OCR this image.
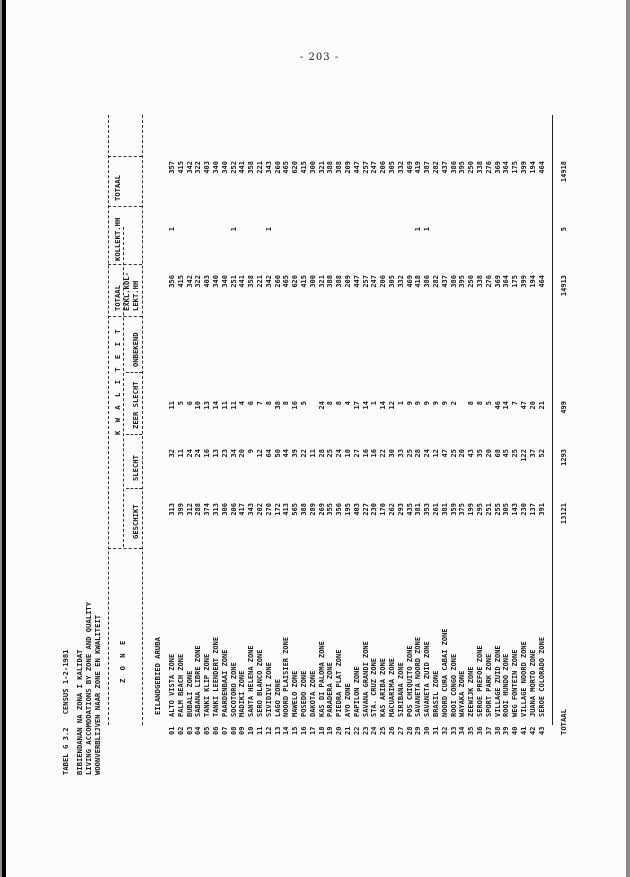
- 203 -
TABEL G 3.2   CENSUS 1-2-1981 BIBIENDANAN NA ZONA I KALIDAT LIVING ACCOMODATIONS BY ZONE AND QUALITY WOONVERBLIJVEN NAAR ZONE EN KWALITEIT Z O N E
K W A L I T E I T
GESCHIKT
SLECHT
ZEER SLECHT
ONBEKEND
TOTAAL EXKL.KOL- LEKT.HH
KOLLEKT.HH
TOTAAL
EILANDGEBIED ARUBA
01
ALTO VISTA ZONE
313
32
11
356
1
357
02
PALM BEACH ZONE
399
11
5
415
415
03
BUBALI ZONE
312
24
6
342
342
04
SABANA LIBRE ZONE
288
24
10
322
322
05
TANKI KLIP ZONE
374
16
13
403
403
06
TANKI LEENDERT ZONE
313
13
14
340
340
07
PAARDENBAAI ZONE
306
23
11
340
340
08
SOCOTORO ZONE
206
34
11
251
1
252
09
MADIKI ZONE
417
20
4
441
441
10
SANTA HELENA ZONE
343
9
6
358
358
11
SERO BLANCO ZONE
202
12
7
221
221
12
SIVIDIVI ZONE
270
64
8
342
1
343
13
LAGO ZONE
172
50
38
260
260
14
NOORD PLAISIER ZONE
413
44
8
465
465
15
MAWELO ZONE
565
39
16
620
620
16
POSEDO ZONE
388
22
5
415
415
17
DAKOTA ZONE
289
11
300
300
18
KAS DI PALOMA ZONE
269
28
24
321
321
19
PARADERA ZONE
355
25
8
388
388
20
PIEDRA PLAT ZONE
356
24
8
388
388
21
AYO ZONE
195
10
4
209
209
22
PAPILON ZONE
403
27
17
447
447
23
SAVANA GRANDI ZONE
227
16
14
257
257
24
STA. CRUZ ZONE
230
16
1
247
247
25
KAS ARIBA ZONE
170
22
14
206
206
26
MACUARIMA ZONE
262
30
12
305
305
27
SIRIBANA ZONE
293
33
1
332
332
28
POS CHIQUITO ZONE
435
25
9
469
469
29
SAVANETA NOORD ZONE
381
28
9
418
1
419
30
SAVANETA ZUID ZONE
353
24
9
386
1
387
31
BRASIL ZONE
261
12
9
282
282
32
NOORD CURA CABAI ZONE
381
47
9
437
437
33
ROOI CONGO ZONE
359
25
2
386
386
34
WAYAKA ZONE
375
20
395
395
35
ZEEWIJK ZONE
199
43
8
250
250
36
SEROE PREFOE ZONE
295
35
8
338
338
37
SPORT PARK ZONE
251
20
5
276
276
38
VILLAGE ZUID ZONE
255
68
46
369
369
39
ROOI HUNDO ZONE
305
45
14
364
364
40
WEG FONTEIN ZONE
143
25
7
175
175
41
VILLAGE NOORD ZONE
230
122
47
399
399
42
JUANA MORTO ZONE
137
37
20
194
194
43
SEROE COLORADO ZONE
391
52
21
464
464
TOTAAL
13121
1293
499
14913
5
14918
